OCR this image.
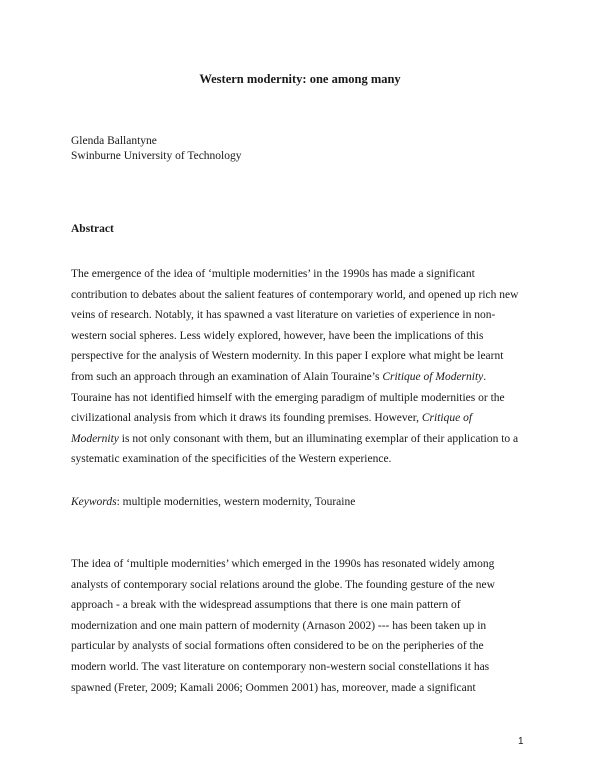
Western modernity: one among many
Glenda Ballantyne
Swinburne University of Technology
Abstract
The emergence of the idea of ‘multiple modernities’ in the 1990s has made a significant
contribution to debates about the salient features of contemporary world, and opened up rich new
veins of research. Notably, it has spawned a vast literature on varieties of experience in non-
western social spheres. Less widely explored, however, have been the implications of this
perspective for the analysis of Western modernity. In this paper I explore what might be learnt
from such an approach through an examination of Alain Touraine’s Critique of Modernity.
Touraine has not identified himself with the emerging paradigm of multiple modernities or the
civilizational analysis from which it draws its founding premises. However, Critique of
Modernity is not only consonant with them, but an illuminating exemplar of their application to a
systematic examination of the specificities of the Western experience.
Keywords: multiple modernities, western modernity, Touraine
The idea of ‘multiple modernities’ which emerged in the 1990s has resonated widely among
analysts of contemporary social relations around the globe. The founding gesture of the new
approach - a break with the widespread assumptions that there is one main pattern of
modernization and one main pattern of modernity (Arnason 2002) --- has been taken up in
particular by analysts of social formations often considered to be on the peripheries of the
modern world. The vast literature on contemporary non-western social constellations it has
spawned (Freter, 2009; Kamali 2006; Oommen 2001) has, moreover, made a significant
1
